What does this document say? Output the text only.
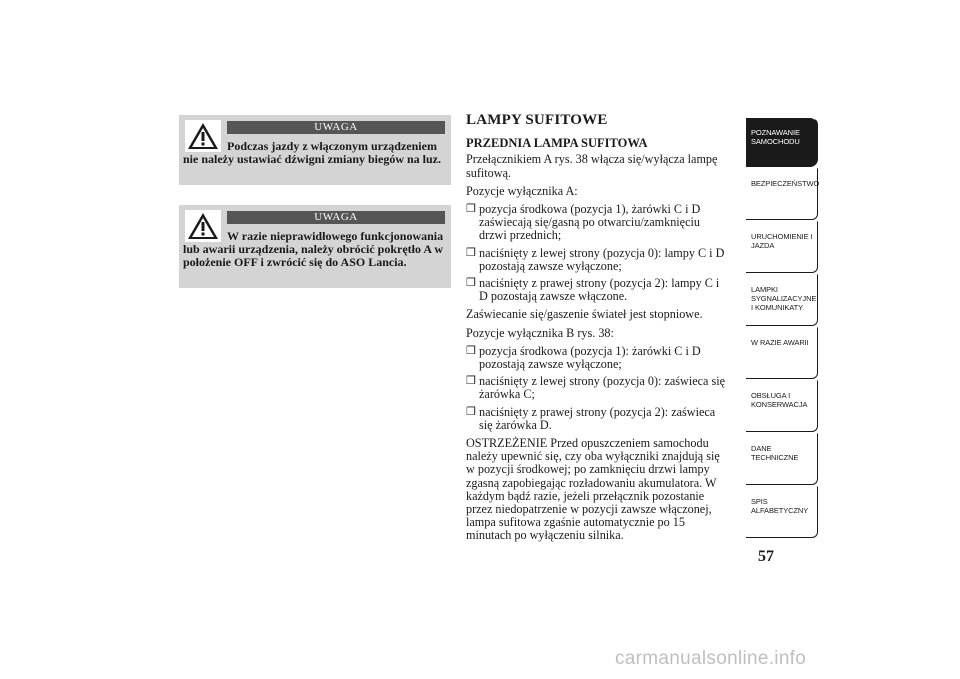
UWAGA
Podczas jazdy z włączonym urządzeniem nie należy ustawiać dźwigni zmiany biegów na luz.
UWAGA
W razie nieprawidłowego funkcjonowania lub awarii urządzenia, należy obrócić pokrętło A w położenie OFF i zwrócić się do ASO Lancia.
LAMPY SUFITOWE
PRZEDNIA LAMPA SUFITOWA

Przełącznikiem A rys. 38 włącza się/wyłącza lampę sufitową.

Pozycje wyłącznika A:

❒ pozycja środkowa (pozycja 1), żarówki C i D zaświecają się/gasną po otwarciu/zamknięciu drzwi przednich;
❒ naciśnięty z lewej strony (pozycja 0): lampy C i D pozostają zawsze wyłączone;
❒ naciśnięty z prawej strony (pozycja 2): lampy C i D pozostają zawsze włączone.

Zaświecanie się/gaszenie świateł jest stopniowe.

Pozycje wyłącznika B rys. 38:

❒ pozycja środkowa (pozycja 1): żarówki C i D pozostają zawsze wyłączone;
❒ naciśnięty z lewej strony (pozycja 0): zaświeca się żarówka C;
❒ naciśnięty z prawej strony (pozycja 2): zaświeca się żarówka D.

OSTRZEŻENIE Przed opuszczeniem samochodu należy upewnić się, czy oba wyłączniki znajdują się w pozycji środkowej; po zamknięciu drzwi lampy zgasną zapobiegając rozładowaniu akumulatora. W każdym bądź razie, jeżeli przełącznik pozostanie przez niedopatrzenie w pozycji zawsze włączonej, lampa sufitowa zgaśnie automatycznie po 15 minutach po wyłączeniu silnika.

POZNAWANIE SAMOCHODU
BEZPIECZEŃSTWO
URUCHOMIENIE I JAZDA
LAMPKI SYGNALIZACYJNE I KOMUNIKATY
W RAZIE AWARII
OBSŁUGA I KONSERWACJA
DANE TECHNICZNE
SPIS ALFABETYCZNY
57
carmanualsonline.info
